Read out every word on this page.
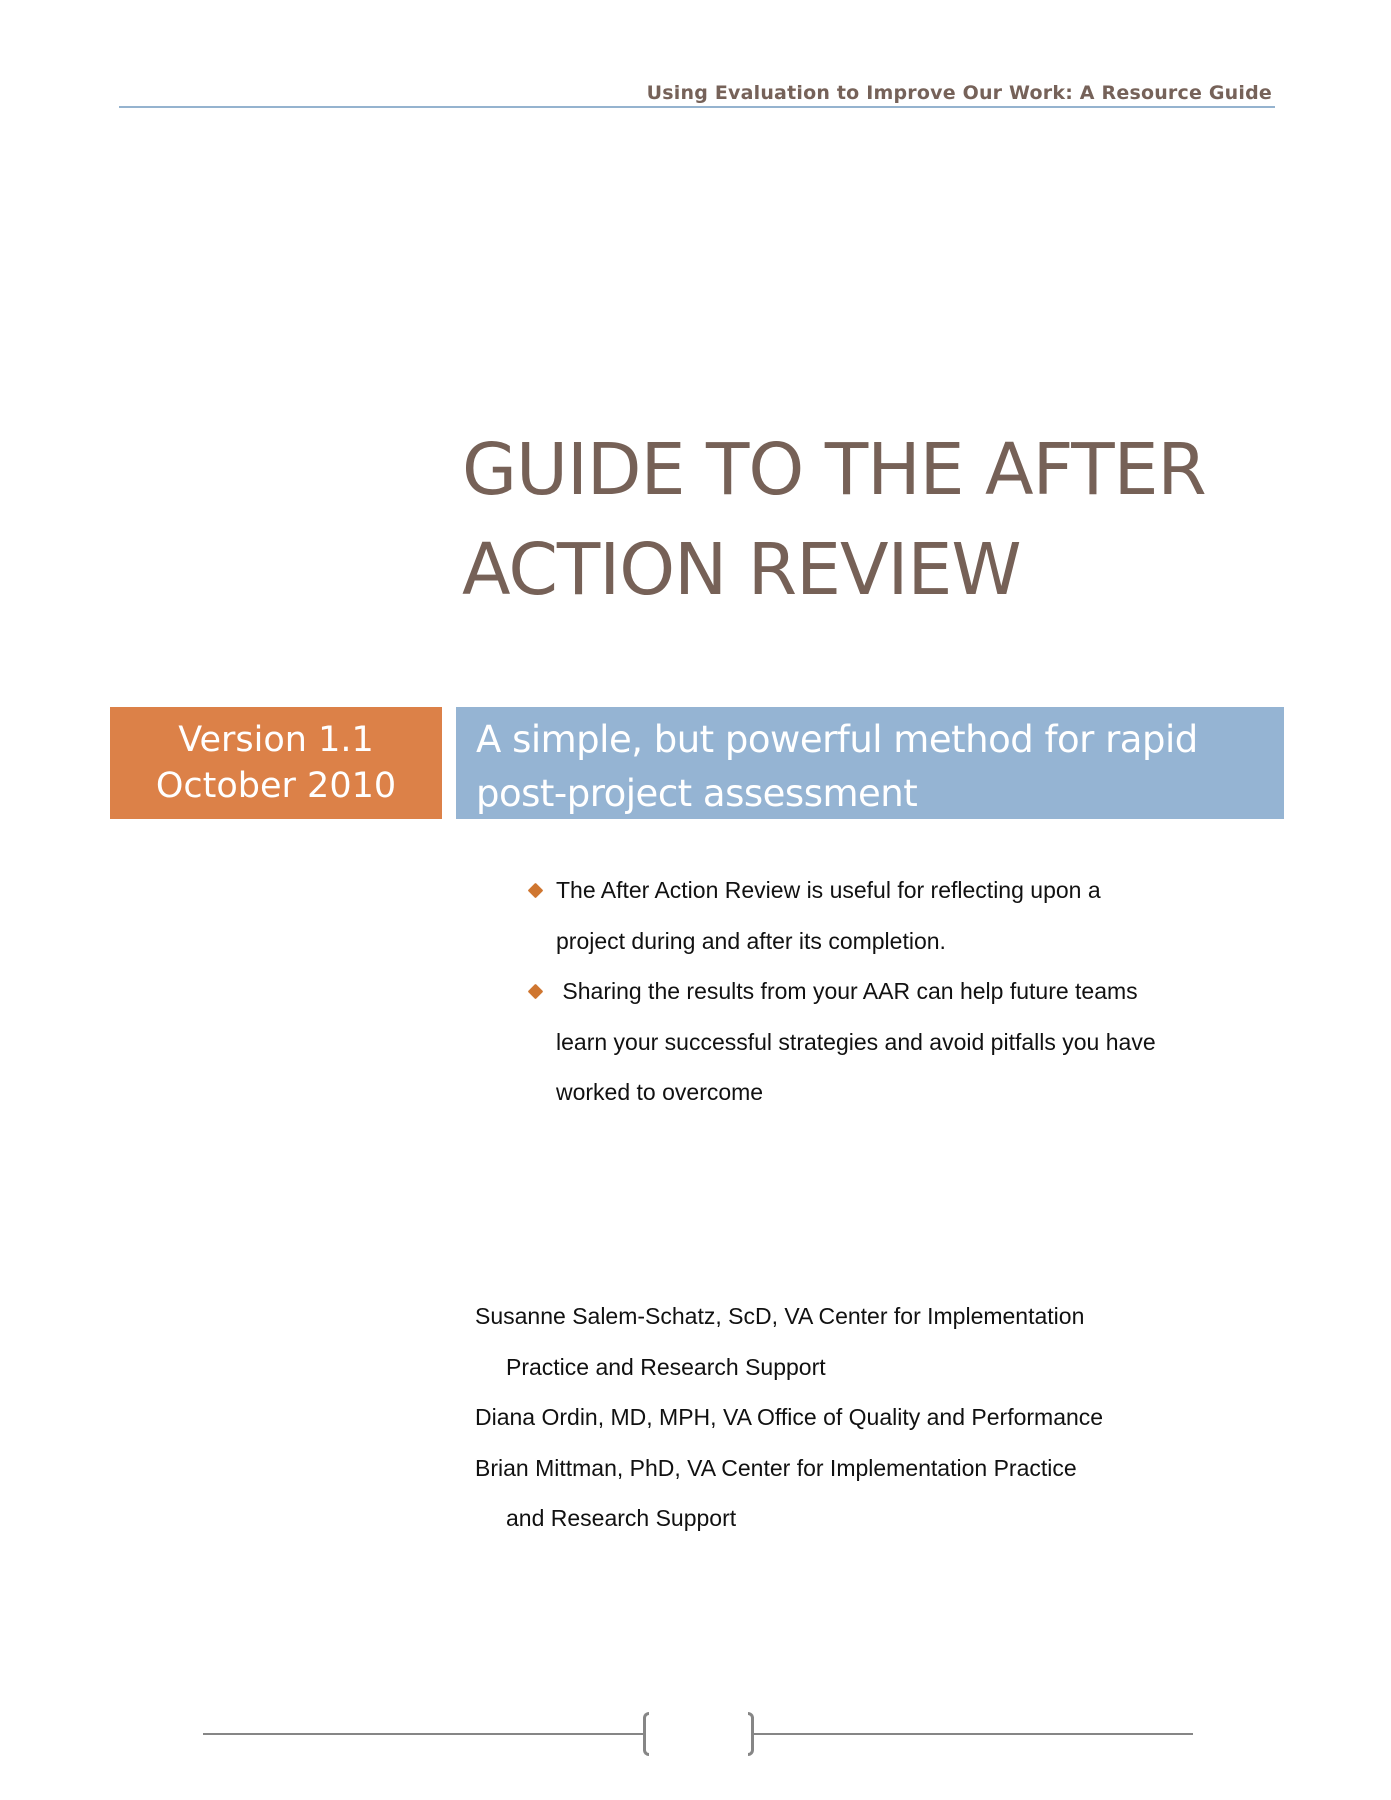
Using Evaluation to Improve Our Work: A Resource Guide
GUIDE TO THE AFTER
ACTION REVIEW
Version 1.1
October 2010
A simple, but powerful method for rapid
post-project assessment
The After Action Review is useful for reflecting upon a
project during and after its completion.
Sharing the results from your AAR can help future teams
learn your successful strategies and avoid pitfalls you have
worked to overcome
Susanne Salem-Schatz, ScD, VA Center for Implementation
Practice and Research Support
Diana Ordin, MD, MPH, VA Office of Quality and Performance
Brian Mittman, PhD, VA Center for Implementation Practice
and Research Support
